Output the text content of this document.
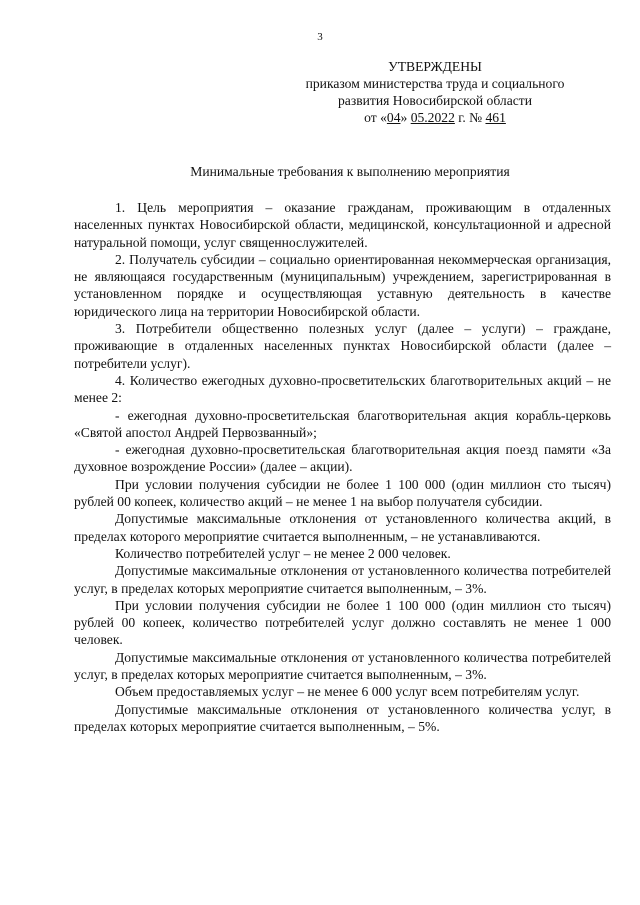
3
УТВЕРЖДЕНЫ
приказом министерства труда и социального
развития Новосибирской области
от «04» 05.2022 г. № 461
Минимальные требования к выполнению мероприятия

1. Цель мероприятия – оказание гражданам, проживающим в отдаленных населенных пунктах Новосибирской области, медицинской, консультационной и адресной натуральной помощи, услуг священнослужителей.

2. Получатель субсидии – социально ориентированная некоммерческая организация, не являющаяся государственным (муниципальным) учреждением, зарегистрированная в установленном порядке и осуществляющая уставную деятельность в качестве юридического лица на территории Новосибирской области.

3. Потребители общественно полезных услуг (далее – услуги) – граждане, проживающие в отдаленных населенных пунктах Новосибирской области (далее – потребители услуг).

4. Количество ежегодных духовно-просветительских благотворительных акций – не менее 2:

- ежегодная духовно-просветительская благотворительная акция корабль-церковь «Святой апостол Андрей Первозванный»;

- ежегодная духовно-просветительская благотворительная акция поезд памяти «За духовное возрождение России» (далее – акции).

При условии получения субсидии не более 1 100 000 (один миллион сто тысяч) рублей 00 копеек, количество акций – не менее 1 на выбор получателя субсидии.

Допустимые максимальные отклонения от установленного количества акций, в пределах которого мероприятие считается выполненным, – не устанавливаются.

Количество потребителей услуг – не менее 2 000 человек.

Допустимые максимальные отклонения от установленного количества потребителей услуг, в пределах которых мероприятие считается выполненным, – 3%.

При условии получения субсидии не более 1 100 000 (один миллион сто тысяч) рублей 00 копеек, количество потребителей услуг должно составлять не менее 1 000 человек.

Допустимые максимальные отклонения от установленного количества потребителей услуг, в пределах которых мероприятие считается выполненным, – 3%.

Объем предоставляемых услуг – не менее 6 000 услуг всем потребителям услуг.

Допустимые максимальные отклонения от установленного количества услуг, в пределах которых мероприятие считается выполненным, – 5%.
